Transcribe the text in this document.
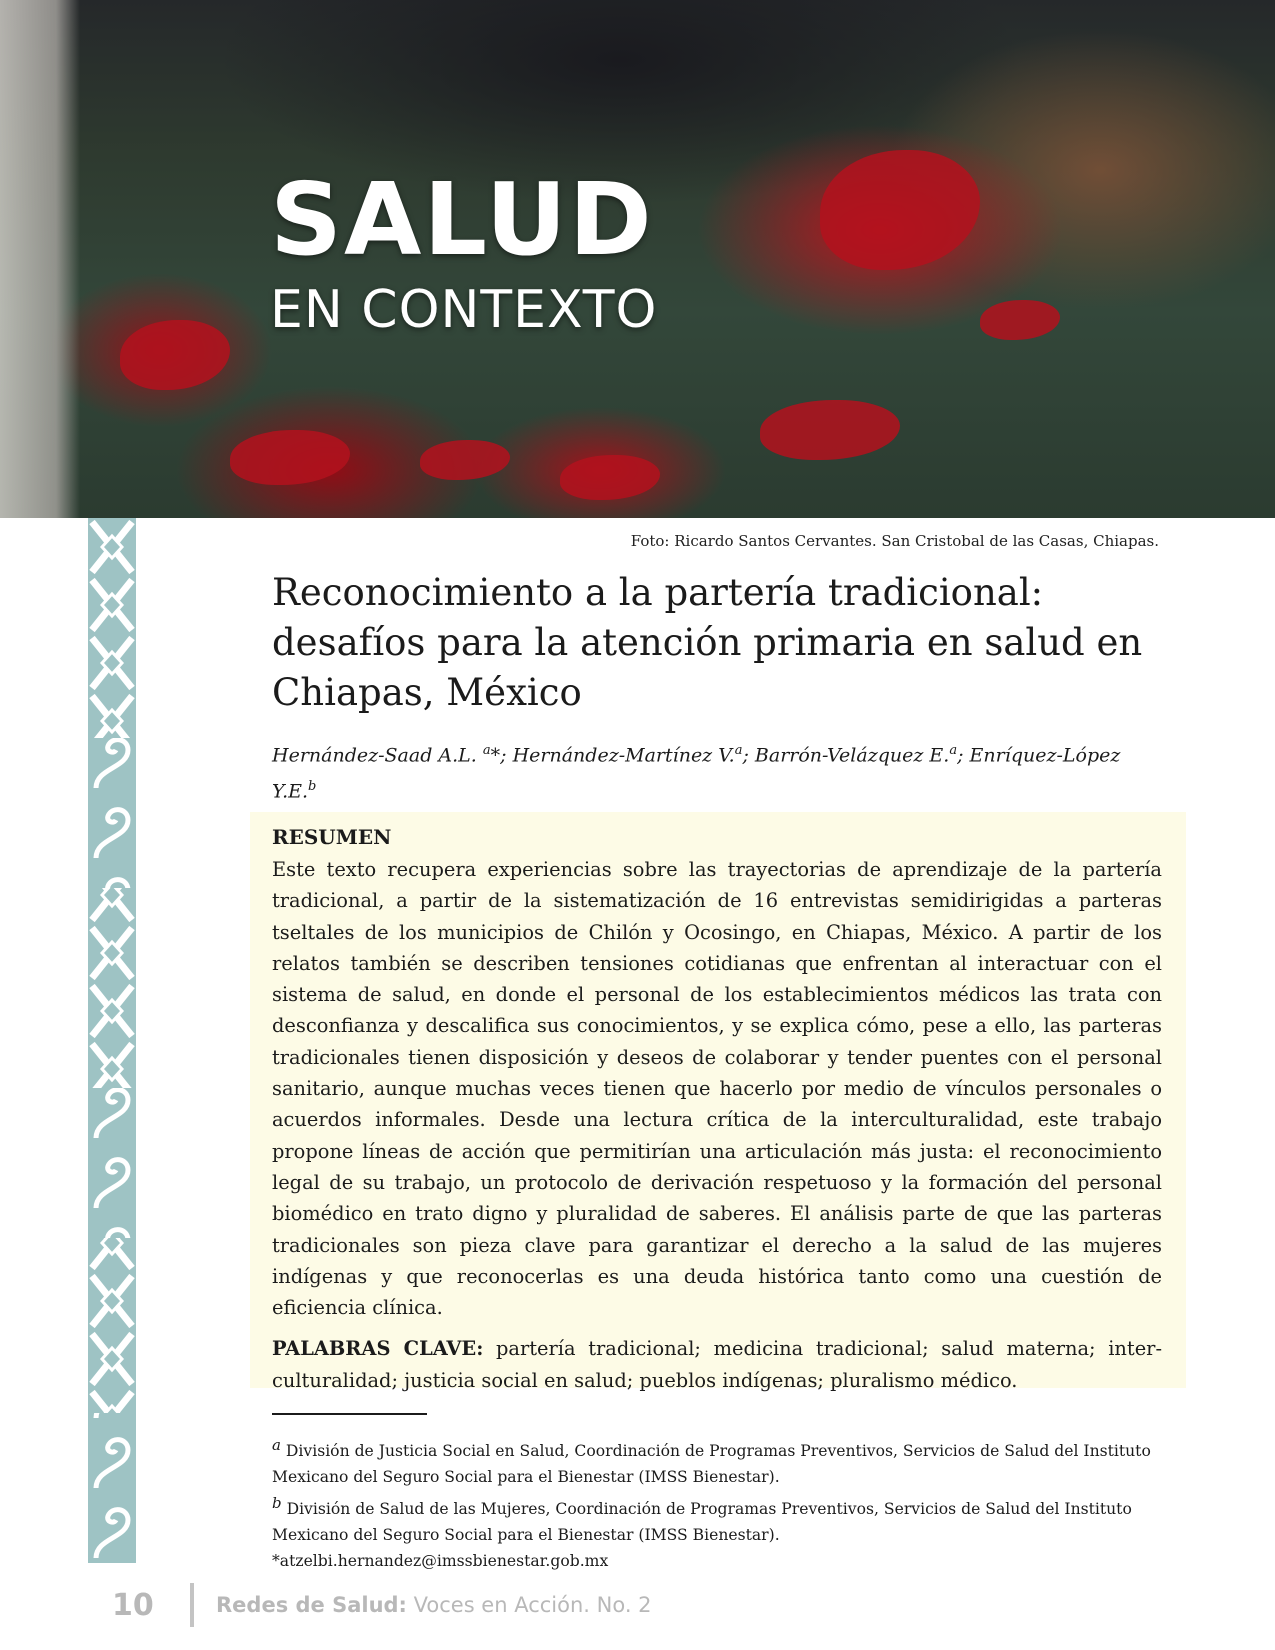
SALUD
EN CONTEXTO
Foto: Ricardo Santos Cervantes. San Cristobal de las Casas, Chiapas.
Reconocimiento a la partería tradicional:
desafíos para la atención primaria en salud en
Chiapas, México
Hernández-Saad A.L. $^a$*; Hernández-Martínez V.$^a$; Barrón-Velázquez E.$^a$; Enríquez-López Y.E.$^b$
RESUMEN
Este texto recupera experiencias sobre las trayectorias de aprendizaje de la partería tradicional, a partir de la sistematización de 16 entrevistas semidirigidas a parteras tseltales de los municipios de Chilón y Ocosingo, en Chiapas, México. A partir de los relatos también se describen tensiones cotidianas que enfrentan al interactuar con el sistema de salud, en donde el personal de los establecimientos médicos las trata con desconfianza y descalifica sus conocimientos, y se explica cómo, pese a ello, las parteras tradicionales tienen disposición y deseos de colaborar y tender puentes con el personal sanitario, aunque muchas veces tienen que hacerlo por medio de vínculos personales o acuerdos informales. Desde una lectura crítica de la interculturalidad, este trabajo propone líneas de acción que permitirían una articulación más justa: el reconocimiento legal de su trabajo, un protocolo de derivación respetuoso y la formación del personal biomédico en trato digno y pluralidad de saberes. El análisis parte de que las parteras tradicionales son pieza clave para garantizar el derecho a la salud de las mujeres indígenas y que reconocerlas es una deuda histórica tanto como una cuestión de eficiencia clínica.
PALABRAS CLAVE: partería tradicional; medicina tradicional; salud materna; inter-culturalidad; justicia social en salud; pueblos indígenas; pluralismo médico.
$^a$ División de Justicia Social en Salud, Coordinación de Programas Preventivos, Servicios de Salud del Instituto Mexicano del Seguro Social para el Bienestar (IMSS Bienestar).
$^b$ División de Salud de las Mujeres, Coordinación de Programas Preventivos, Servicios de Salud del Instituto Mexicano del Seguro Social para el Bienestar (IMSS Bienestar).
*atzelbi.hernandez@imssbienestar.gob.mx
10	Redes de Salud: Voces en Acción. No. 2
